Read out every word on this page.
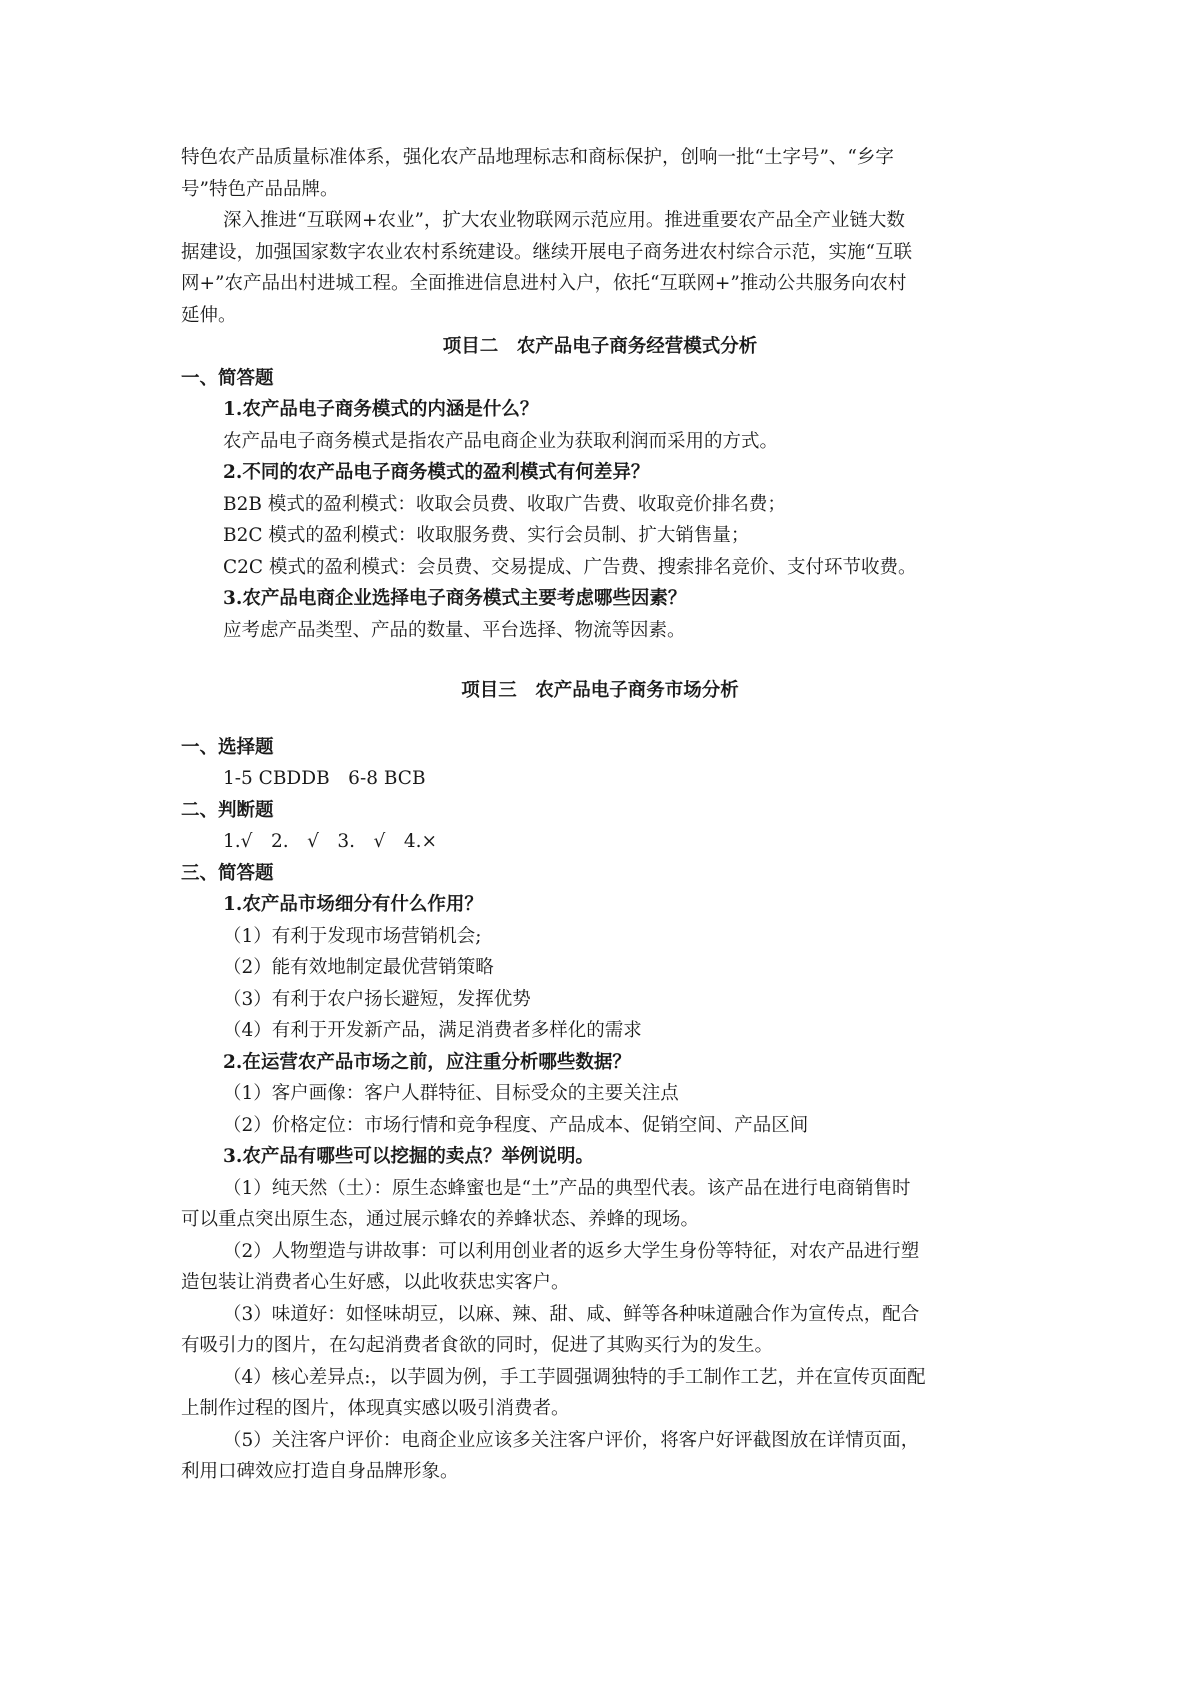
特色农产品质量标准体系，强化农产品地理标志和商标保护，创响一批“土字号”、“乡字
号”特色产品品牌。
深入推进“互联网+农业”，扩大农业物联网示范应用。推进重要农产品全产业链大数
据建设，加强国家数字农业农村系统建设。继续开展电子商务进农村综合示范，实施“互联
网+”农产品出村进城工程。全面推进信息进村入户，依托“互联网+”推动公共服务向农村
延伸。
项目二　农产品电子商务经营模式分析
一、简答题
1.农产品电子商务模式的内涵是什么？
农产品电子商务模式是指农产品电商企业为获取利润而采用的方式。
2.不同的农产品电子商务模式的盈利模式有何差异？
B2B 模式的盈利模式：收取会员费、收取广告费、收取竞价排名费；
B2C 模式的盈利模式：收取服务费、实行会员制、扩大销售量；
C2C 模式的盈利模式：会员费、交易提成、广告费、搜索排名竞价、支付环节收费。
3.农产品电商企业选择电子商务模式主要考虑哪些因素？
应考虑产品类型、产品的数量、平台选择、物流等因素。
项目三　农产品电子商务市场分析
一、选择题
1-5 CBDDB　6-8 BCB
二、判断题
1.√　2.　√　3.　√　4.×
三、简答题
1.农产品市场细分有什么作用？
（1）有利于发现市场营销机会;
（2）能有效地制定最优营销策略
（3）有利于农户扬长避短，发挥优势
（4）有利于开发新产品，满足消费者多样化的需求
2.在运营农产品市场之前，应注重分析哪些数据？
（1）客户画像：客户人群特征、目标受众的主要关注点
（2）价格定位：市场行情和竞争程度、产品成本、促销空间、产品区间
3.农产品有哪些可以挖掘的卖点？举例说明。
（1）纯天然（土）：原生态蜂蜜也是“土”产品的典型代表。该产品在进行电商销售时
可以重点突出原生态，通过展示蜂农的养蜂状态、养蜂的现场。
（2）人物塑造与讲故事：可以利用创业者的返乡大学生身份等特征，对农产品进行塑
造包装让消费者心生好感，以此收获忠实客户。
（3）味道好：如怪味胡豆，以麻、辣、甜、咸、鲜等各种味道融合作为宣传点，配合
有吸引力的图片，在勾起消费者食欲的同时，促进了其购买行为的发生。
（4）核心差异点:，以芋圆为例，手工芋圆强调独特的手工制作工艺，并在宣传页面配
上制作过程的图片，体现真实感以吸引消费者。
（5）关注客户评价：电商企业应该多关注客户评价，将客户好评截图放在详情页面，
利用口碑效应打造自身品牌形象。
